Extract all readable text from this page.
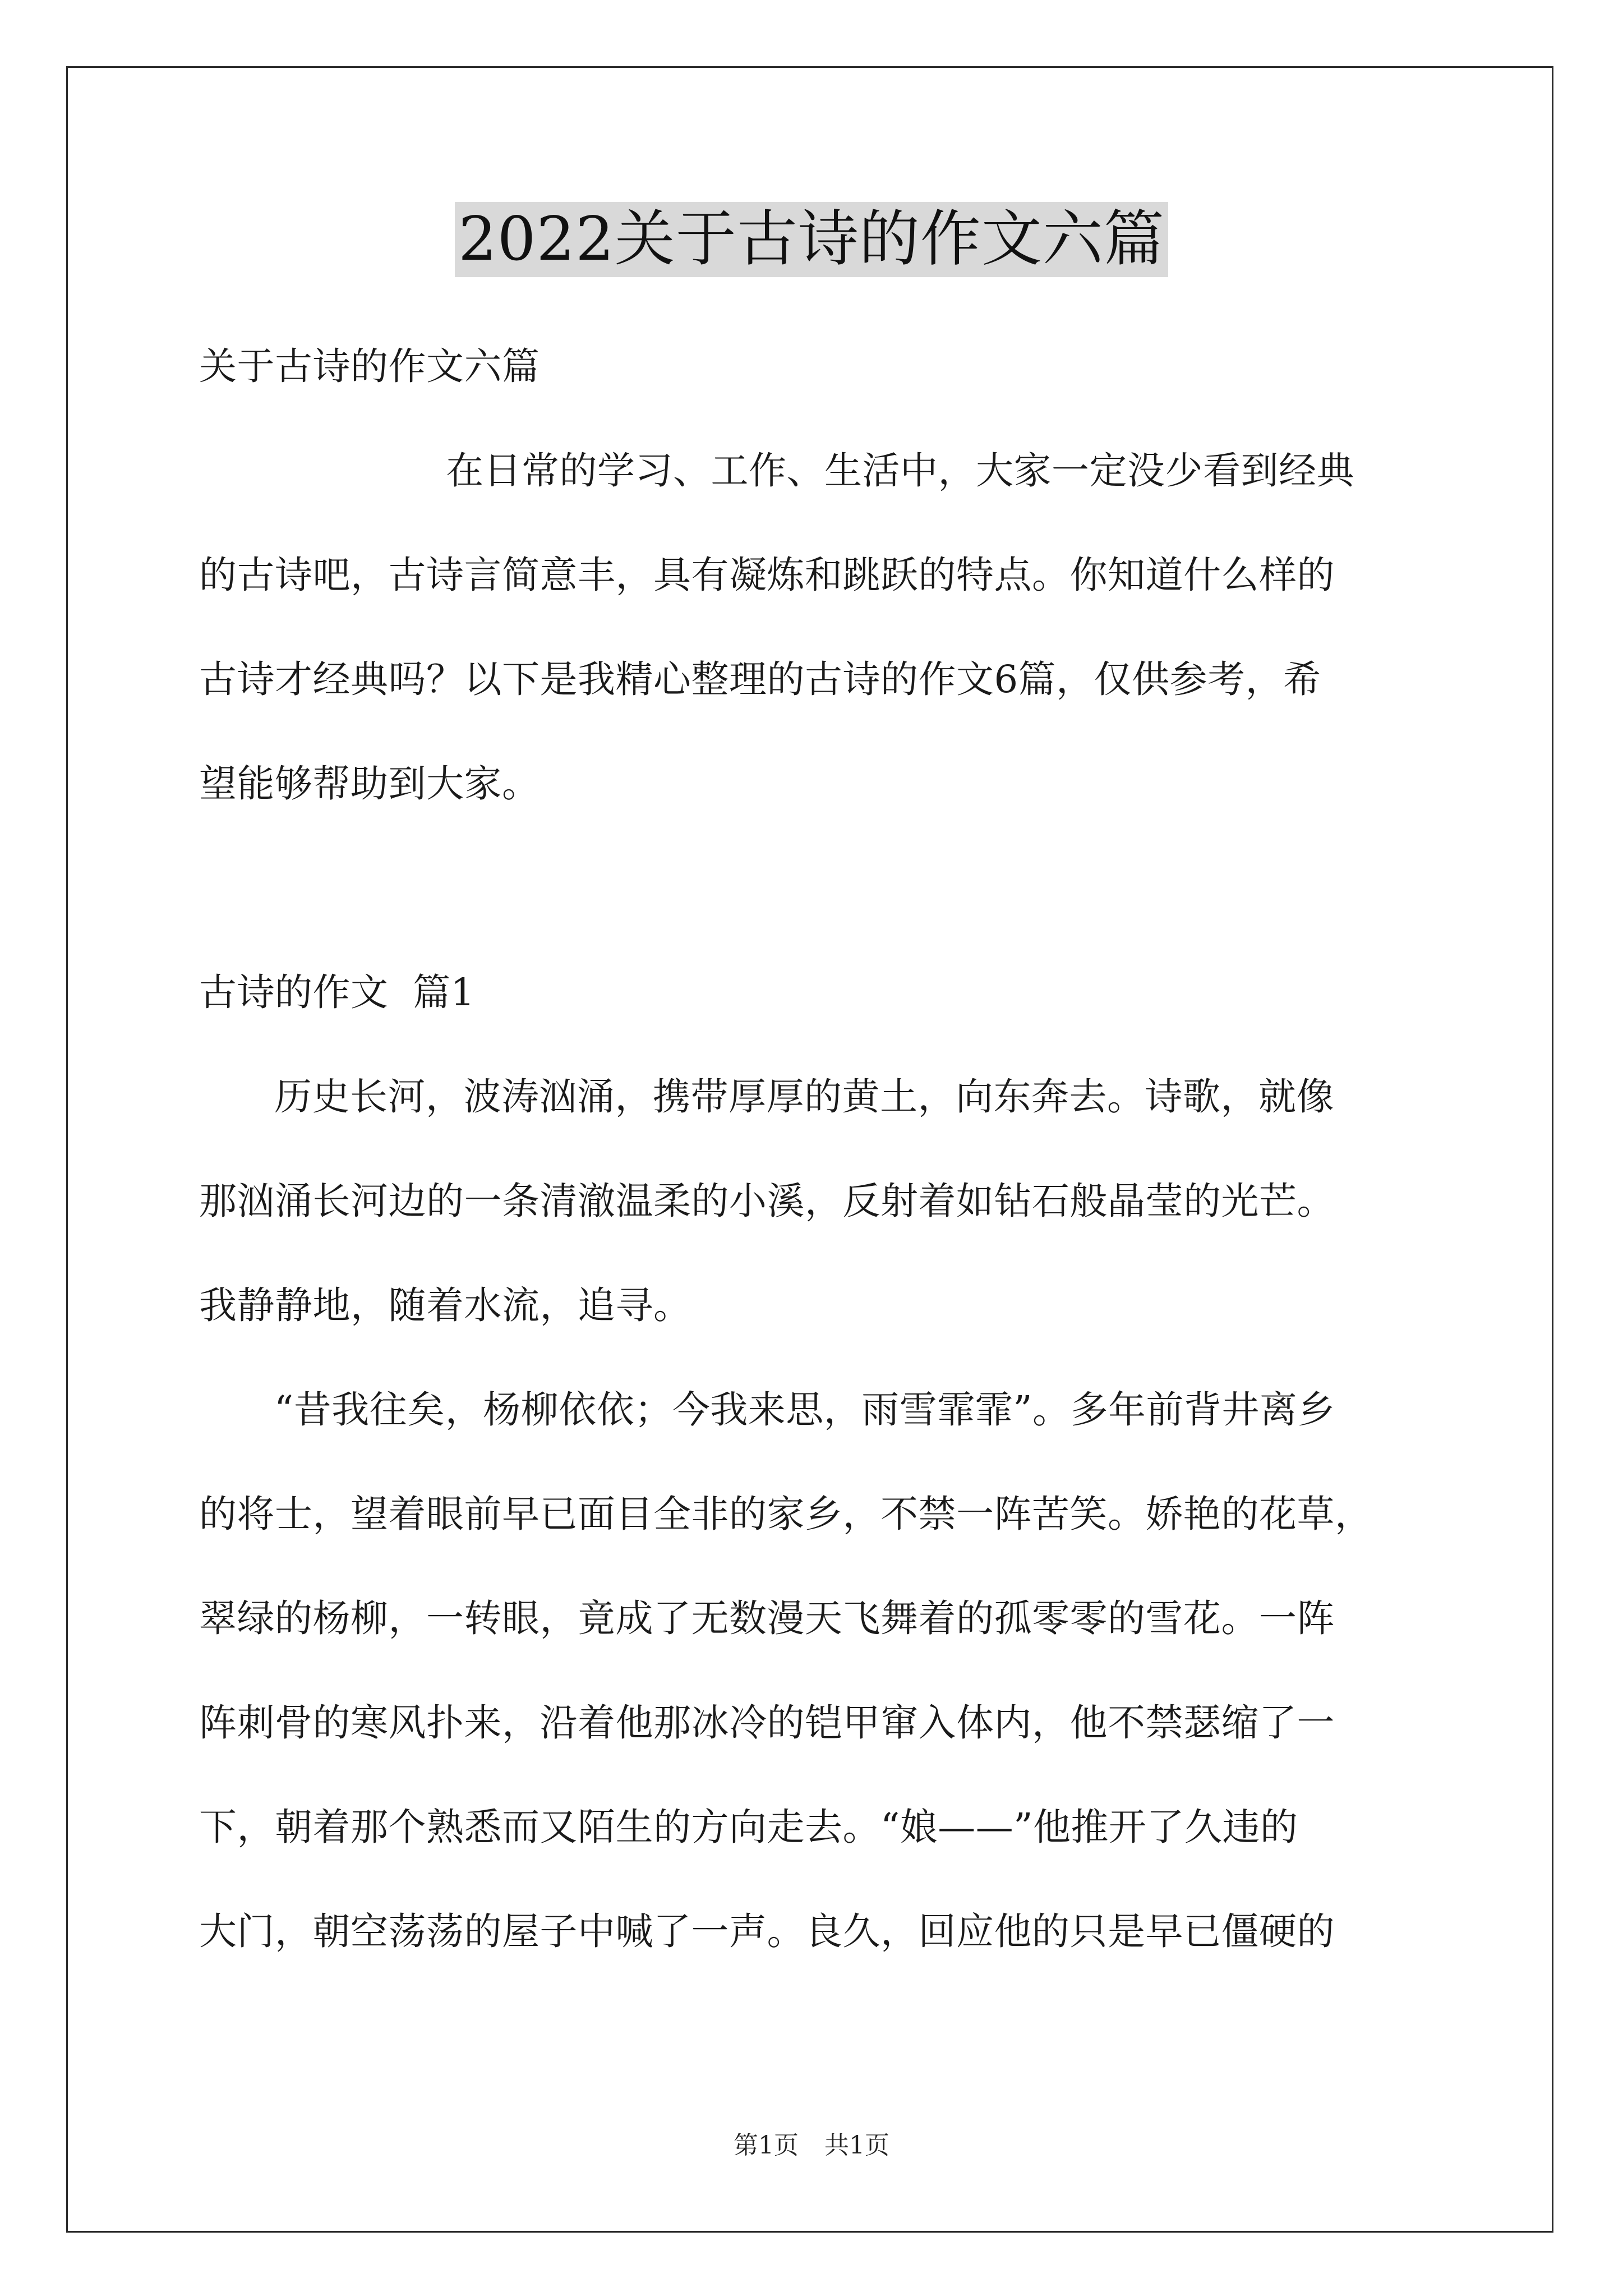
2022关于古诗的作文六篇
关于古诗的作文六篇
在日常的学习、工作、生活中，大家一定没少看到经典
的古诗吧，古诗言简意丰，具有凝炼和跳跃的特点。你知道什么样的
古诗才经典吗？以下是我精心整理的古诗的作文6篇，仅供参考，希
望能够帮助到大家。
古诗的作文  篇1
历史长河，波涛汹涌，携带厚厚的黄土，向东奔去。诗歌，就像
那汹涌长河边的一条清澈温柔的小溪，反射着如钻石般晶莹的光芒。
我静静地，随着水流，追寻。
“昔我往矣，杨柳依依；今我来思，雨雪霏霏”。多年前背井离乡
的将士，望着眼前早已面目全非的家乡，不禁一阵苦笑。娇艳的花草，
翠绿的杨柳，一转眼，竟成了无数漫天飞舞着的孤零零的雪花。一阵
阵刺骨的寒风扑来，沿着他那冰冷的铠甲窜入体内，他不禁瑟缩了一
下，朝着那个熟悉而又陌生的方向走去。“娘——”他推开了久违的
大门，朝空荡荡的屋子中喊了一声。良久，回应他的只是早已僵硬的
第1页 共1页
